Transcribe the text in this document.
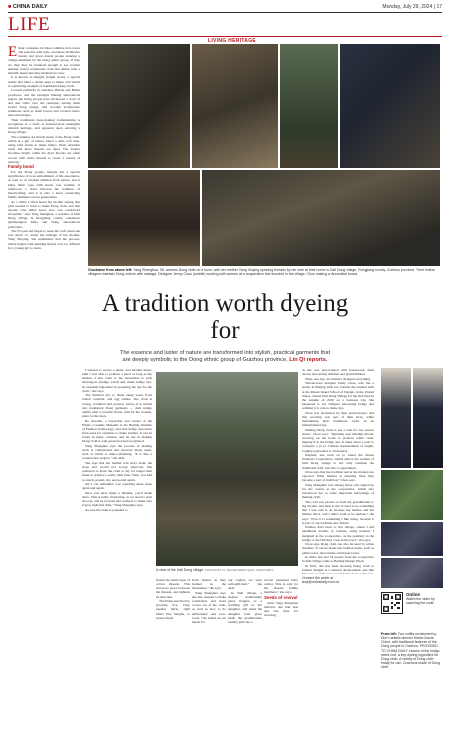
■ CHINA DAILY	Monday, July 29, 2024 | 17
LIFE
LIVING HERITAGE

Ethnic costumes in China combine rich colors and patterns with style, and these distinctive beauty and grace dazzle people entering a village inhabited by the Dong ethnic group. If they do, they may be fortunate enough to see women making waxed ceremonial cloth that shines with a metallic sheen that they themselves wear.

It is known as liangbu (bright cloth), a special textile that takes a dozen steps to make, and which is a glittering example of handmade Dong cloth.

Located primarily in Guizhou, Hunan and Hubei provinces, and the Guangxi Zhuang autonomous region, the Dong people have developed a trove of arts and crafts over the centuries, among them Grand Song (dage), and wooden architecture traditions, such as drum towers and covered wind-and-rain bridges.

Their traditional dress-making craftsmanship is recognized as a form of national-level intangible cultural heritage, and apparent upon entering a Dong village.

The costumes are mostly made of the Dong cloth, which is a gift of nature. Dyed a dark, rich blue, using wild plants to make indigo. Both, machine cloth and more threads are dyed. The former becomes bright, while the dyed threads are often woven with white threads to create a variety of patterns.

Family bond

For the Dong people, liangbu has a special significance. It is an embodiment of life experience, as well as of wisdom distilled from nature, and it helps them cope with harsh, wet weather. It reinforces a bond between the tradition of handcrafting, and it is also a bond connecting family members across generations.

As a child, I often heard my mother saying that girls needed to learn to make Dong cloth, and that anyone who didn't know how was considered incapable," says Yang Shenghua, a resident of Dali Dong village in Rongjiang county, Guizhou's Qiandongnan Miao and Dong autonomous prefecture.

The 55-year-old began to learn the craft when she was about 11, under the tutelage of her mother, Yang Xiuying. She remembers that the process, which begins with spinning thread, was too difficult for a young girl to learn.

I learned to weave a meter, and another meter, until I was able to produce a piece as long as my mother. I also went to the mountains to pick liaolangcao (indigo weed) and, made indigo dye, an essential ingredient in preparing the dye for the cloth," she says.

The finished dye is made using water from boiled cowhide, and egg whites. The cloth is wrung, scrubbed and pressed, before it is turned into traditional Dong garments — dark indigo outfits with a colorful flower trim for the women, plain for the men.

Bo Xiaoxin, a researcher and curator at the Ethnic Costume Museum at the Beijing Institute of Fashion Technology, says that indigo dyes have been used for centuries to make textiles. It can be found in many cultures, and its use in making Dong cloth is well-preserved and recognized.

Yang Shenghua says the process of making cloth is complicated and involves many steps, each of which is time-consuming. "It is like a construction project," she adds.

She says that her mother was strict about the steps and would not accept shortcuts. She preferred to leave the cloth to dry for longer than usual to achieve a really dark blue. Then, you had to starch, pound, dry, and pound again.

All I can remember was repeating these steps again and again.

Once you have made a mistake, you'll make more. This is really frustrating, as we need to start all over, and be focused and cautious to make sure it goes right this time," Yang Shenghua says.

As sure the cloth is pounded to

Clockwise from above left: Yang Shenghua, 55, weaves Dong cloth on a loom, with her mother Yang Xiuying spinning threads by her side at their home in Dali Dong village, Rongjiang county, Guizhou province. Their hollow villagers maintain Dong culture with vastage. Designer Jenny Chou (middle) working with women at a cooperative she founded in the village. Chou making a decorative board.
A tradition worth dyeing for
The essence and luster of nature are transformed into stylish, practical garments that are deeply symbolic to the Dong ethnic group of Guizhou province, Lin Qi reports.
A view of the Dali Dong village. PHOTOS BY LU JIE AND WANG QIAN / CHINA DAILY

flatten the entire layer of cotton threads. This leaves no space between the threads, and tightens its structure.

The Dong survived by growing rice. They needed thick, tight fabric like liangbu, to protect them

from bushes as they farmed in the mountains," she says.

Yang Shenghua says she also learned to make waistbands and head covers out of the cloth, as well as how to do embroidery and lace-work. "We relied on our hands for

our clothes; we were self-sufficient," she adds.

In Dali village, a mother traditionally gives liangbu as a wedding gift to her daughter, and when the daughter later gives birth, the grandmother usually gifts her a

woven patterned baby carrier. This is only for the dearest family members," she says.

Seeds of revival

After Yang Shenghua married, she had less and less time for weaving,

as she was preoccupied with housework, farm chores and raising children and grandchildren.

Then, one day, an architect changed everything.

Taiwan-born designer Jenny Chou, who has a studio in Beijing with two friends she studied with at the Rhode Island School of Design, in the United States, visited Dali Dong Village for the first time in the autumn of 2016 on a business trip. She happened to see villagers harvesting indigo and walking it to rain to make dye.

Chou was fascinated by their perseverance, and that weaving was part of their lives, while maintaining their traditional styles in an industrialized age.

Making Dong cloth is not a task for one person alone," Chou says. "Spinning and winding thread, weaving on the loom to produce white cloth, dipping it in the indigo dye. It takes about a year to complete a pi (a Chinese measurement of length, roughly equivalent to 33 meters).

Inspired, she went on to found the Douse Women's Cooperative, which allows the women of Dali Dong village to not only continue the traditional craft, but also to experiment.

Chou says that the tradition and at the modern are opposed. What matters is ensuring what may become a part of tradition," Chou says.

Yang Shenghua was among those who signed up for the course at the cooperative, which also introduced her to some important knowledge of making cloth.

The craft was passed on from my grandmother to my mother, and then to me. It used to be something that I was told to do because my mother and her mother did it, and I didn't want to be undone," she says. "Now it is something I like doing, because it is part of our tradition and culture.

Women don't need to live village, where I sell handmade textiles to tourists, using patterns I designed in the cooperative, as the painting on the bridge or the fish they cook in the river," she says.

Chou says Dong cloth can also be used by urban dwellers. It can be made into fashion items, such as pillowcases, decorations and tissue boxes.

In 2023, she and 54 people from the cooperative in Dali village came to Beijing Design Week.

In 2021, she has been showing Dong cloth to fashion designs is a cultural development, just like

Contact the writer at
linqi@chinadaily.com.cn
Online
Watch the video by scanning the code.
From left: Two outfits envisioned by Dior's artistic director Maria Grazia Chiuri, with traditional features of the Dong people in Guizhou. PROVIDED TO CHINA DAILY Leaves of the indigo-weed root, a key dyeing ingredient for Dong cloth. A variety of Dong cloth ready for use. Cushions made of Dong cloth.
